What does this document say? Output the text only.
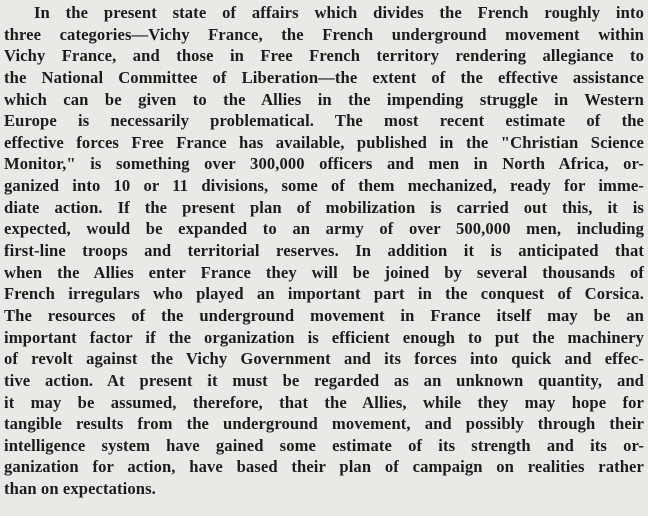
In the present state of affairs which divides the French roughly into
three categories—Vichy France, the French underground movement within
Vichy France, and those in Free French territory rendering allegiance to
the National Committee of Liberation—the extent of the effective assistance
which can be given to the Allies in the impending struggle in Western
Europe is necessarily problematical. The most recent estimate of the
effective forces Free France has available, published in the "Christian Science
Monitor," is something over 300,000 officers and men in North Africa, or-
ganized into 10 or 11 divisions, some of them mechanized, ready for imme-
diate action. If the present plan of mobilization is carried out this, it is
expected, would be expanded to an army of over 500,000 men, including
first-line troops and territorial reserves. In addition it is anticipated that
when the Allies enter France they will be joined by several thousands of
French irregulars who played an important part in the conquest of Corsica.
The resources of the underground movement in France itself may be an
important factor if the organization is efficient enough to put the machinery
of revolt against the Vichy Government and its forces into quick and effec-
tive action. At present it must be regarded as an unknown quantity, and
it may be assumed, therefore, that the Allies, while they may hope for
tangible results from the underground movement, and possibly through their
intelligence system have gained some estimate of its strength and its or-
ganization for action, have based their plan of campaign on realities rather
than on expectations.
